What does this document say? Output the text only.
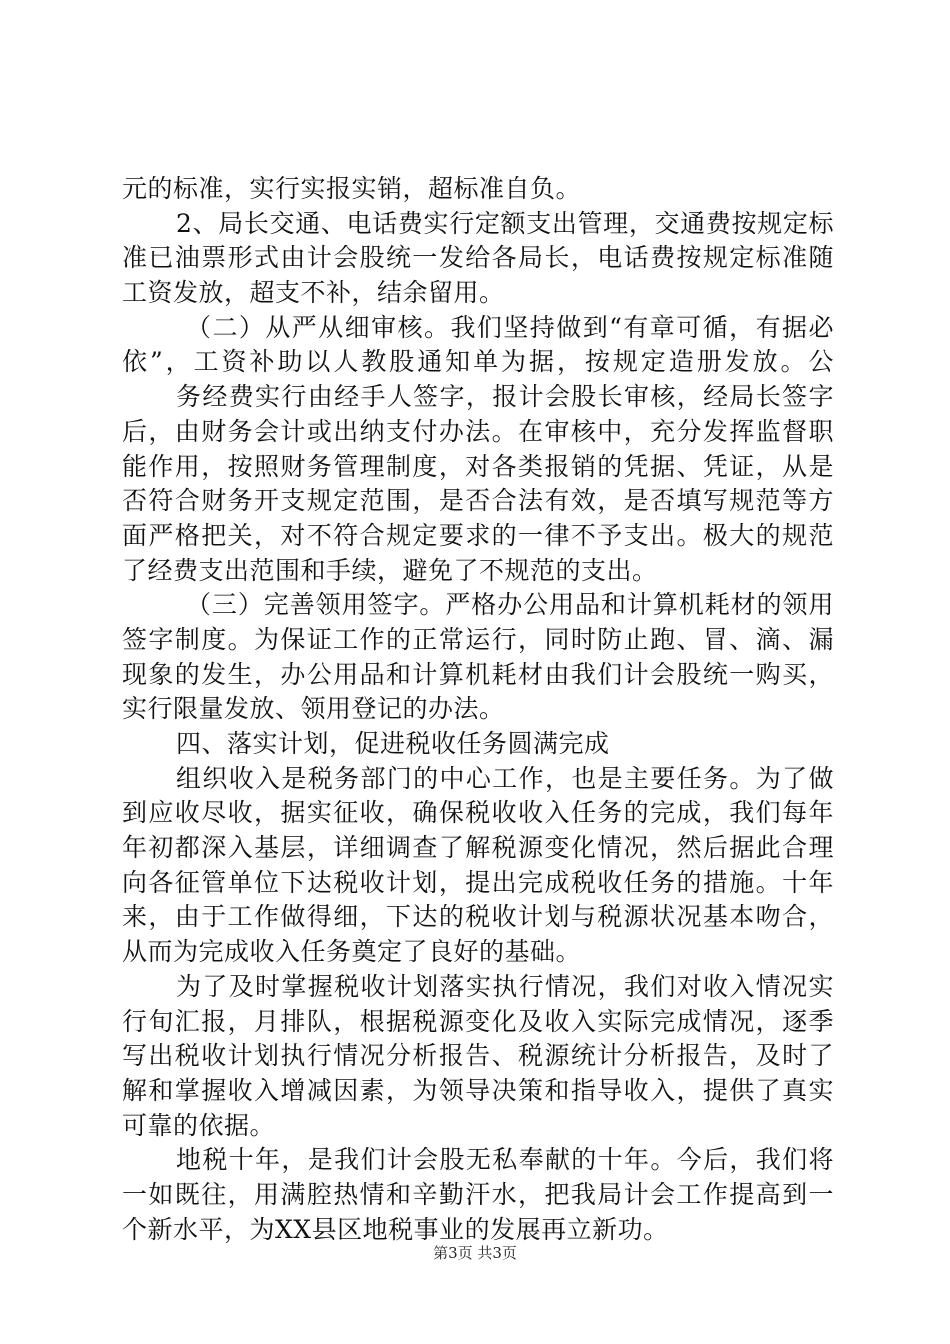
元的标准，实行实报实销，超标准自负。
2、局长交通、电话费实行定额支出管理，交通费按规定标
准已油票形式由计会股统一发给各局长，电话费按规定标准随
工资发放，超支不补，结余留用。
（二）从严从细审核。我们坚持做到“有章可循，有据必
依”，工资补助以人教股通知单为据，按规定造册发放。公
务经费实行由经手人签字，报计会股长审核，经局长签字
后，由财务会计或出纳支付办法。在审核中，充分发挥监督职
能作用，按照财务管理制度，对各类报销的凭据、凭证，从是
否符合财务开支规定范围，是否合法有效，是否填写规范等方
面严格把关，对不符合规定要求的一律不予支出。极大的规范
了经费支出范围和手续，避免了不规范的支出。
（三）完善领用签字。严格办公用品和计算机耗材的领用
签字制度。为保证工作的正常运行，同时防止跑、冒、滴、漏
现象的发生，办公用品和计算机耗材由我们计会股统一购买，
实行限量发放、领用登记的办法。
四、落实计划，促进税收任务圆满完成
组织收入是税务部门的中心工作，也是主要任务。为了做
到应收尽收，据实征收，确保税收收入任务的完成，我们每年
年初都深入基层，详细调查了解税源变化情况，然后据此合理
向各征管单位下达税收计划，提出完成税收任务的措施。十年
来，由于工作做得细，下达的税收计划与税源状况基本吻合，
从而为完成收入任务奠定了良好的基础。
为了及时掌握税收计划落实执行情况，我们对收入情况实
行旬汇报，月排队，根据税源变化及收入实际完成情况，逐季
写出税收计划执行情况分析报告、税源统计分析报告，及时了
解和掌握收入增减因素，为领导决策和指导收入，提供了真实
可靠的依据。
地税十年，是我们计会股无私奉献的十年。今后，我们将
一如既往，用满腔热情和辛勤汗水，把我局计会工作提高到一
个新水平，为XX县区地税事业的发展再立新功。
第3页 共3页
